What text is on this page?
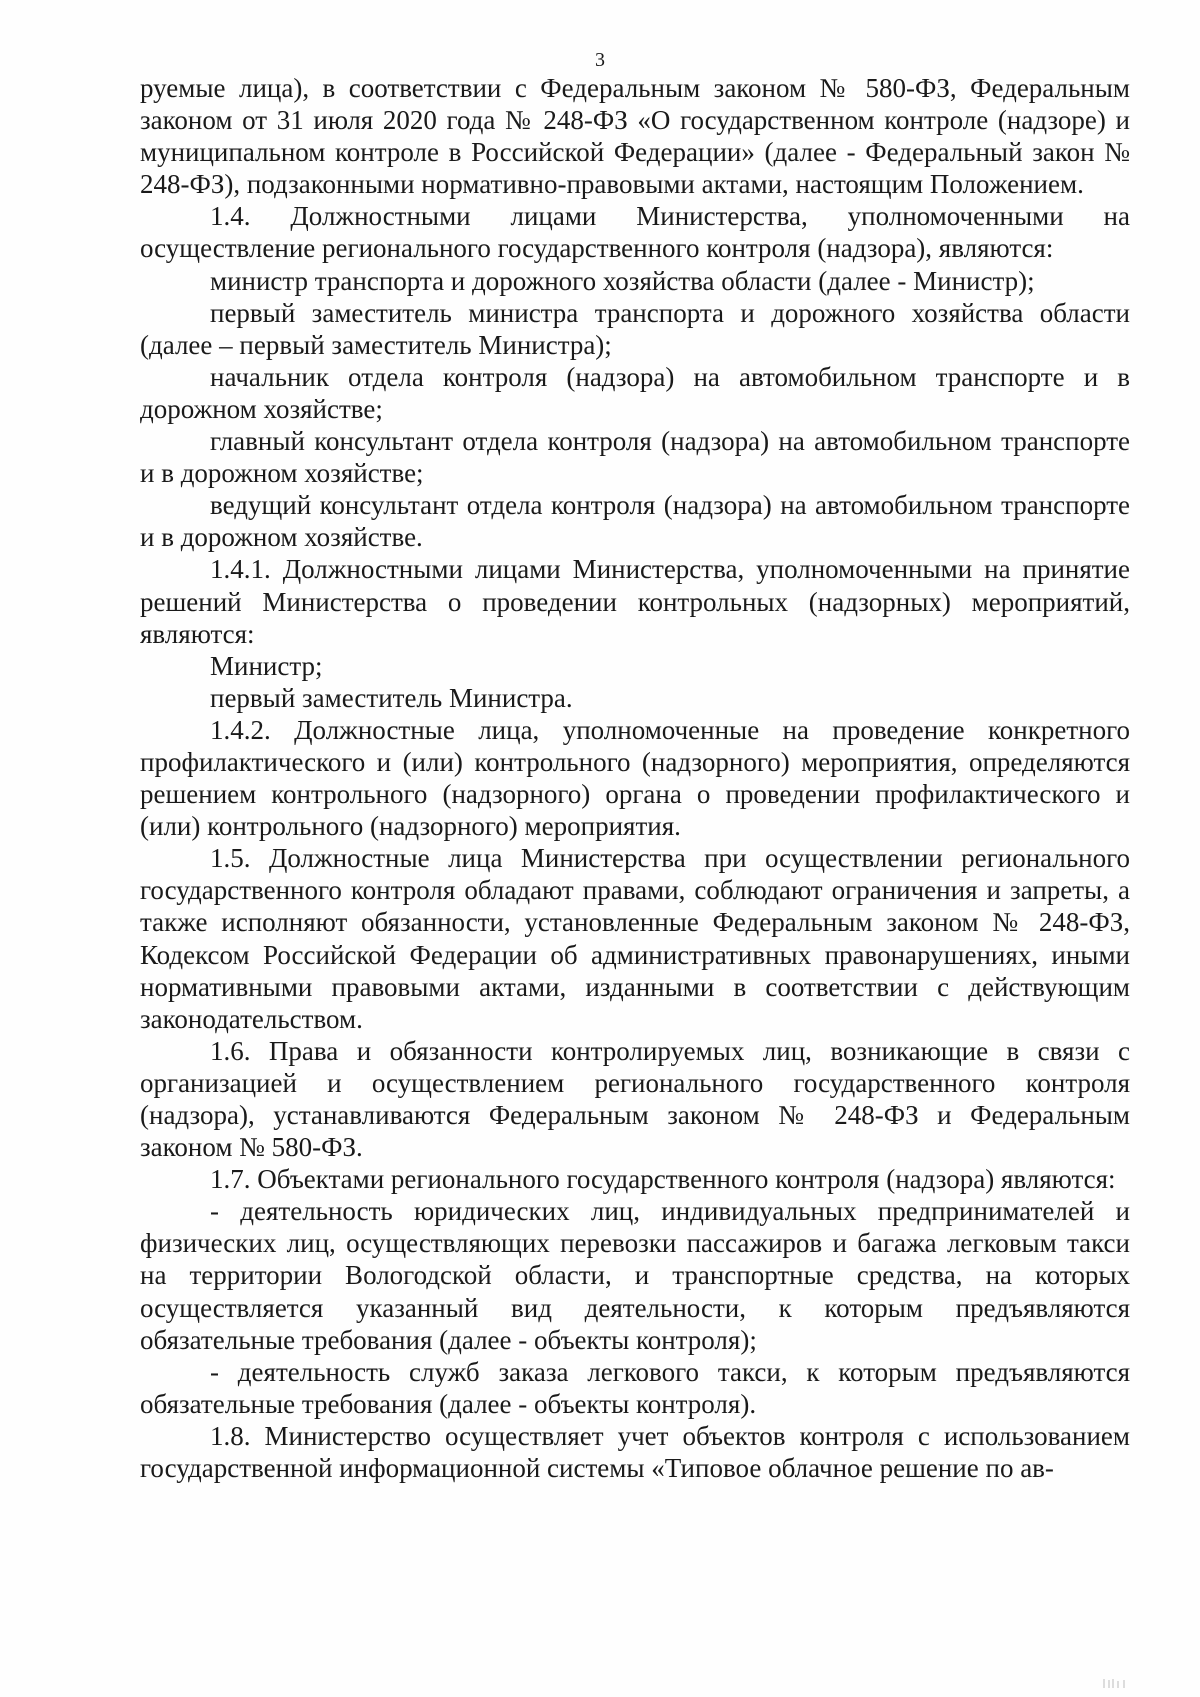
3

руемые лица), в соответствии с Федеральным законом № 580-ФЗ, Федеральным законом от 31 июля 2020 года № 248-ФЗ «О государственном контроле (надзоре) и муниципальном контроле в Российской Федерации» (далее - Федеральный закон № 248-ФЗ), подзаконными нормативно-правовыми актами, настоящим Положением.

1.4. Должностными лицами Министерства, уполномоченными на осуществление регионального государственного контроля (надзора), являются:

министр транспорта и дорожного хозяйства области (далее - Министр);

первый заместитель министра транспорта и дорожного хозяйства области (далее – первый заместитель Министра);

начальник отдела контроля (надзора) на автомобильном транспорте и в дорожном хозяйстве;

главный консультант отдела контроля (надзора) на автомобильном транспорте и в дорожном хозяйстве;

ведущий консультант отдела контроля (надзора) на автомобильном транспорте и в дорожном хозяйстве.

1.4.1. Должностными лицами Министерства, уполномоченными на принятие решений Министерства о проведении контрольных (надзорных) мероприятий, являются:

Министр;

первый заместитель Министра.

1.4.2. Должностные лица, уполномоченные на проведение конкретного профилактического и (или) контрольного (надзорного) мероприятия, определяются решением контрольного (надзорного) органа о проведении профилактического и (или) контрольного (надзорного) мероприятия.

1.5. Должностные лица Министерства при осуществлении регионального государственного контроля обладают правами, соблюдают ограничения и запреты, а также исполняют обязанности, установленные Федеральным законом № 248-ФЗ, Кодексом Российской Федерации об административных правонарушениях, иными нормативными правовыми актами, изданными в соответствии с действующим законодательством.

1.6. Права и обязанности контролируемых лиц, возникающие в связи с организацией и осуществлением регионального государственного контроля (надзора), устанавливаются Федеральным законом № 248-ФЗ и Федеральным законом № 580-ФЗ.

1.7. Объектами регионального государственного контроля (надзора) являются:

- деятельность юридических лиц, индивидуальных предпринимателей и физических лиц, осуществляющих перевозки пассажиров и багажа легковым такси на территории Вологодской области, и транспортные средства, на которых осуществляется указанный вид деятельности, к которым предъявляются обязательные требования (далее - объекты контроля);

- деятельность служб заказа легкового такси, к которым предъявляются обязательные требования (далее - объекты контроля).

1.8. Министерство осуществляет учет объектов контроля с использованием государственной информационной системы «Типовое облачное решение по ав-
